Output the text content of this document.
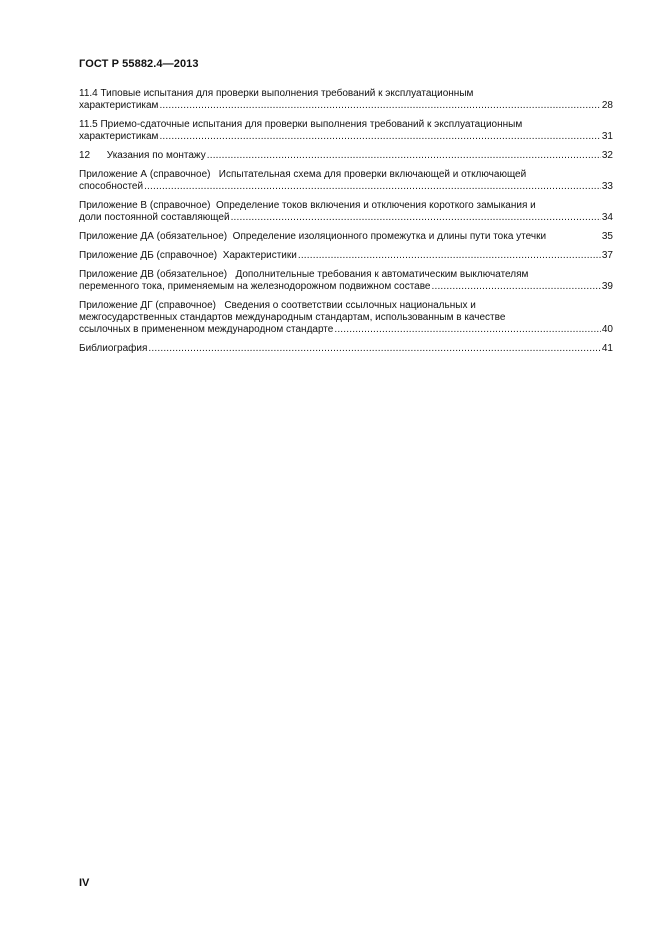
ГОСТ Р 55882.4—2013
11.4 Типовые испытания для проверки выполнения требований к эксплуатационным
характеристикам .....	28
11.5 Приемо-сдаточные испытания для проверки выполнения требований к эксплуатационным
характеристикам .....	31
12      Указания по монтажу .....	32
Приложение А (справочное)   Испытательная схема для проверки включающей и отключающей
способностей .....	33
Приложение В (справочное)  Определение токов включения и отключения короткого замыкания и
доли постоянной составляющей .....	34
Приложение ДА (обязательное)  Определение изоляционного промежутка и длины пути тока утечки	35
Приложение ДБ (справочное)  Характеристики .....	37
Приложение ДВ (обязательное)   Дополнительные требования к автоматическим выключателям
переменного тока, применяемым на железнодорожном подвижном составе .....	39
Приложение ДГ (справочное)   Сведения о соответствии ссылочных национальных и
межгосударственных стандартов международным стандартам, использованным в качестве
ссылочных в примененном международном стандарте .....	40
Библиография .....	41
IV
